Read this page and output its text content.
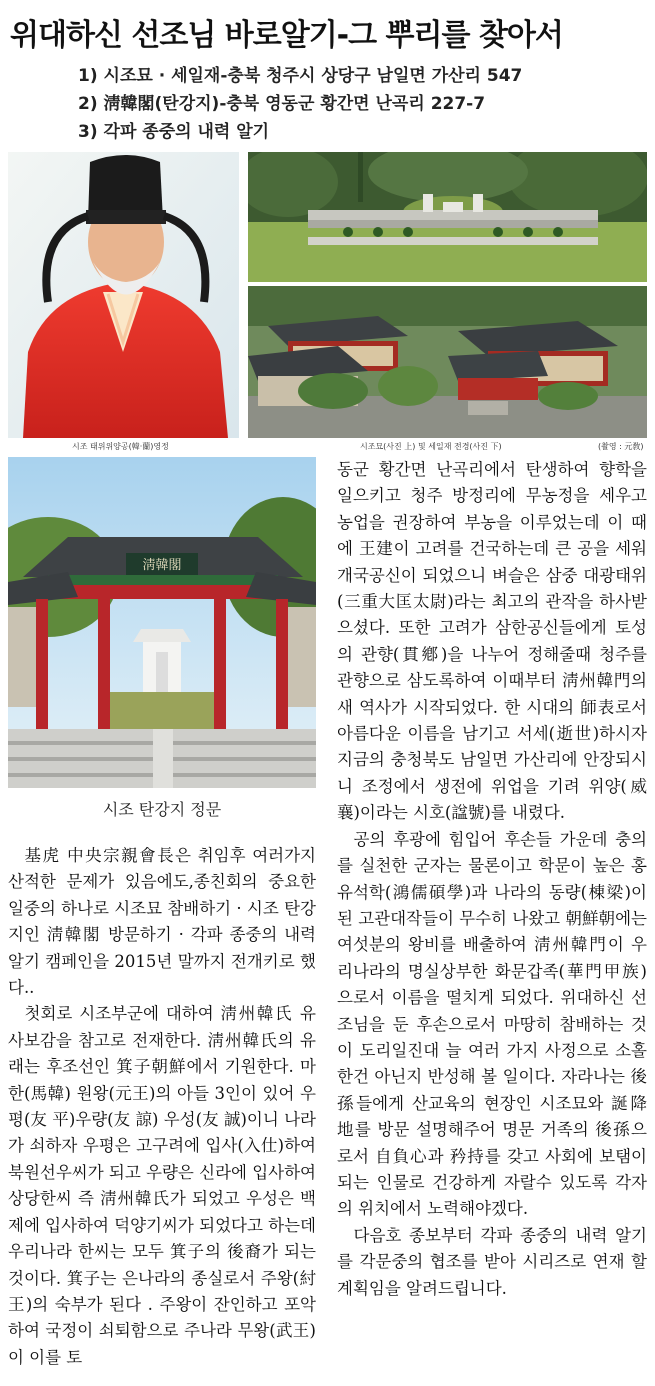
위대하신 선조님 바로알기-그 뿌리를 찾아서
1) 시조묘 · 세일재-충북 청주시 상당구 남일면 가산리 547
2) 淸韓閣(탄강지)-충북 영동군 황간면 난곡리 227-7
3) 각파 종중의 내력 알기
시조 태위위양공(韓·蘭)영정	시조묘(사진 上) 및 세일재 전경(사진 下)	(촬영 : 元敎)
淸韓閣
시조 탄강지 정문

동군 황간면 난곡리에서 탄생하여 향학을 일으키고 청주 방정리에 무농정을 세우고 농업을 권장하여 부농을 이루었는데 이 때에 王建이 고려를 건국하는데 큰 공을 세워 개국공신이 되었으니 벼슬은 삼중 대광태위(三重大匡太尉)라는 최고의 관작을 하사받으셨다. 또한 고려가 삼한공신들에게 토성의 관향(貫鄕)을 나누어 정해줄때 청주를 관향으로 삼도록하여 이때부터 淸州韓門의 새 역사가 시작되었다. 한 시대의 師表로서 아름다운 이름을 남기고 서세(逝世)하시자 지금의 충청북도 남일면 가산리에 안장되시니 조정에서 생전에 위업을 기려 위양(威襄)이라는 시호(諡號)를 내렸다.

공의 후광에 힘입어 후손들 가운데 충의를 실천한 군자는 물론이고 학문이 높은 홍유석학(鴻儒碩學)과 나라의 동량(棟梁)이된 고관대작들이 무수히 나왔고 朝鮮朝에는 여섯분의 왕비를 배출하여 淸州韓門이 우리나라의 명실상부한 화문갑족(華門甲族)으로서 이름을 떨치게 되었다. 위대하신 선조님을 둔 후손으로서 마땅히 참배하는 것이 도리일진대 늘 여러 가지 사정으로 소홀한건 아닌지 반성해 볼 일이다. 자라나는 後孫들에게 산교육의 현장인 시조묘와 誕降地를 방문 설명해주어 명문 거족의 後孫으로서 自負心과 矜持를 갖고 사회에 보탬이 되는 인물로 건강하게 자랄수 있도록 각자의 위치에서 노력해야겠다.

다음호 종보부터 각파 종중의 내력 알기를 각문중의 협조를 받아 시리즈로 연재 할 계획임을 알려드립니다.

基虎 中央宗親會長은 취임후 여러가지 산적한 문제가 있음에도,종친회의 중요한 일중의 하나로 시조묘 참배하기 · 시조 탄강지인 淸韓閣 방문하기 · 각파 종중의 내력 알기 캠페인을 2015년 말까지 전개키로 했다..

첫회로 시조부군에 대하여 淸州韓氏 유사보감을 참고로 전재한다. 淸州韓氏의 유래는 후조선인 箕子朝鮮에서 기원한다. 마한(馬韓) 원왕(元王)의 아들 3인이 있어 우평(友 平)우량(友 諒) 우성(友 誠)이니 나라가 쇠하자 우평은 고구려에 입사(入仕)하여 북원선우씨가 되고 우량은 신라에 입사하여 상당한씨 즉 淸州韓氏가 되었고 우성은 백제에 입사하여 덕양기씨가 되었다고 하는데 우리나라 한씨는 모두 箕子의 後裔가 되는것이다. 箕子는 은나라의 종실로서 주왕(紂王)의 숙부가 된다 . 주왕이 잔인하고 포악하여 국정이 쇠퇴함으로 주나라 무왕(武王)이 이를 토
